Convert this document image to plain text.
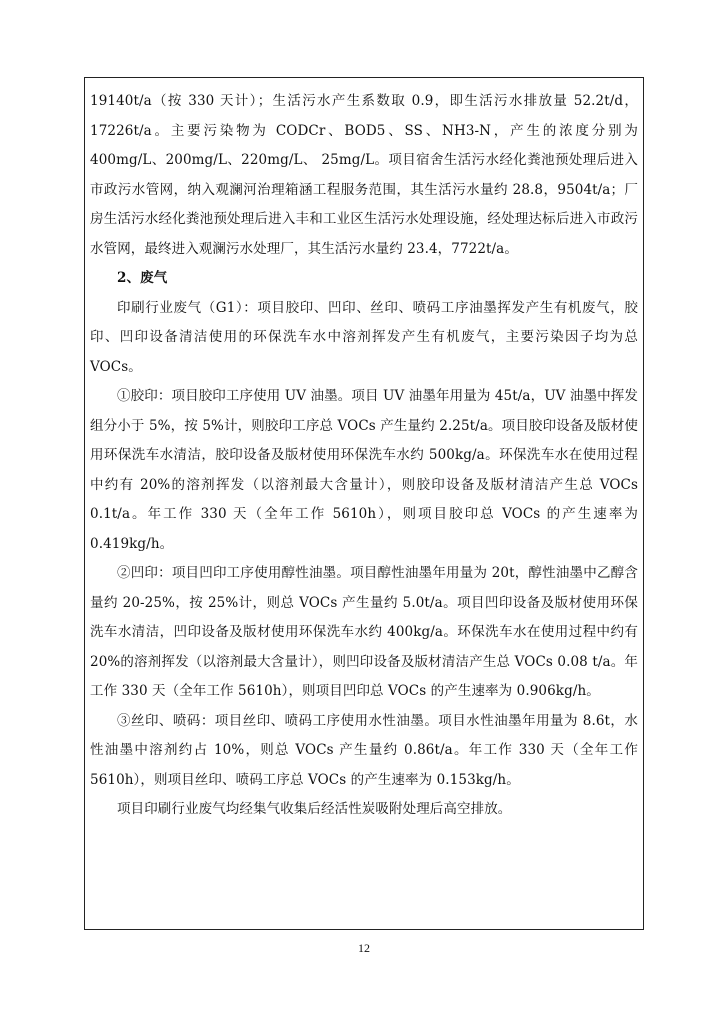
19140t/a（按 330 天计）；生活污水产生系数取 0.9，即生活污水排放量 52.2t/d，17226t/a。主要污染物为 CODCr、BOD5、SS、NH3-N，产生的浓度分别为 400mg/L、200mg/L、220mg/L、 25mg/L。项目宿舍生活污水经化粪池预处理后进入市政污水管网，纳入观澜河治理箱涵工程服务范围，其生活污水量约 28.8，9504t/a；厂房生活污水经化粪池预处理后进入丰和工业区生活污水处理设施，经处理达标后进入市政污水管网，最终进入观澜污水处理厂，其生活污水量约 23.4，7722t/a。

2、废气

印刷行业废气（G1）：项目胶印、凹印、丝印、喷码工序油墨挥发产生有机废气，胶印、凹印设备清洁使用的环保洗车水中溶剂挥发产生有机废气，主要污染因子均为总 VOCs。

①胶印：项目胶印工序使用 UV 油墨。项目 UV 油墨年用量为 45t/a，UV 油墨中挥发组分小于 5%，按 5%计，则胶印工序总 VOCs 产生量约 2.25t/a。项目胶印设备及版材使用环保洗车水清洁，胶印设备及版材使用环保洗车水约 500kg/a。环保洗车水在使用过程中约有 20%的溶剂挥发（以溶剂最大含量计），则胶印设备及版材清洁产生总 VOCs 0.1t/a。年工作 330 天（全年工作 5610h），则项目胶印总 VOCs 的产生速率为 0.419kg/h。

②凹印：项目凹印工序使用醇性油墨。项目醇性油墨年用量为 20t，醇性油墨中乙醇含量约 20-25%，按 25%计，则总 VOCs 产生量约 5.0t/a。项目凹印设备及版材使用环保洗车水清洁，凹印设备及版材使用环保洗车水约 400kg/a。环保洗车水在使用过程中约有 20%的溶剂挥发（以溶剂最大含量计），则凹印设备及版材清洁产生总 VOCs 0.08 t/a。年工作 330 天（全年工作 5610h），则项目凹印总 VOCs 的产生速率为 0.906kg/h。

③丝印、喷码：项目丝印、喷码工序使用水性油墨。项目水性油墨年用量为 8.6t，水性油墨中溶剂约占 10%，则总 VOCs 产生量约 0.86t/a。年工作 330 天（全年工作 5610h），则项目丝印、喷码工序总 VOCs 的产生速率为 0.153kg/h。

项目印刷行业废气均经集气收集后经活性炭吸附处理后高空排放。

12
